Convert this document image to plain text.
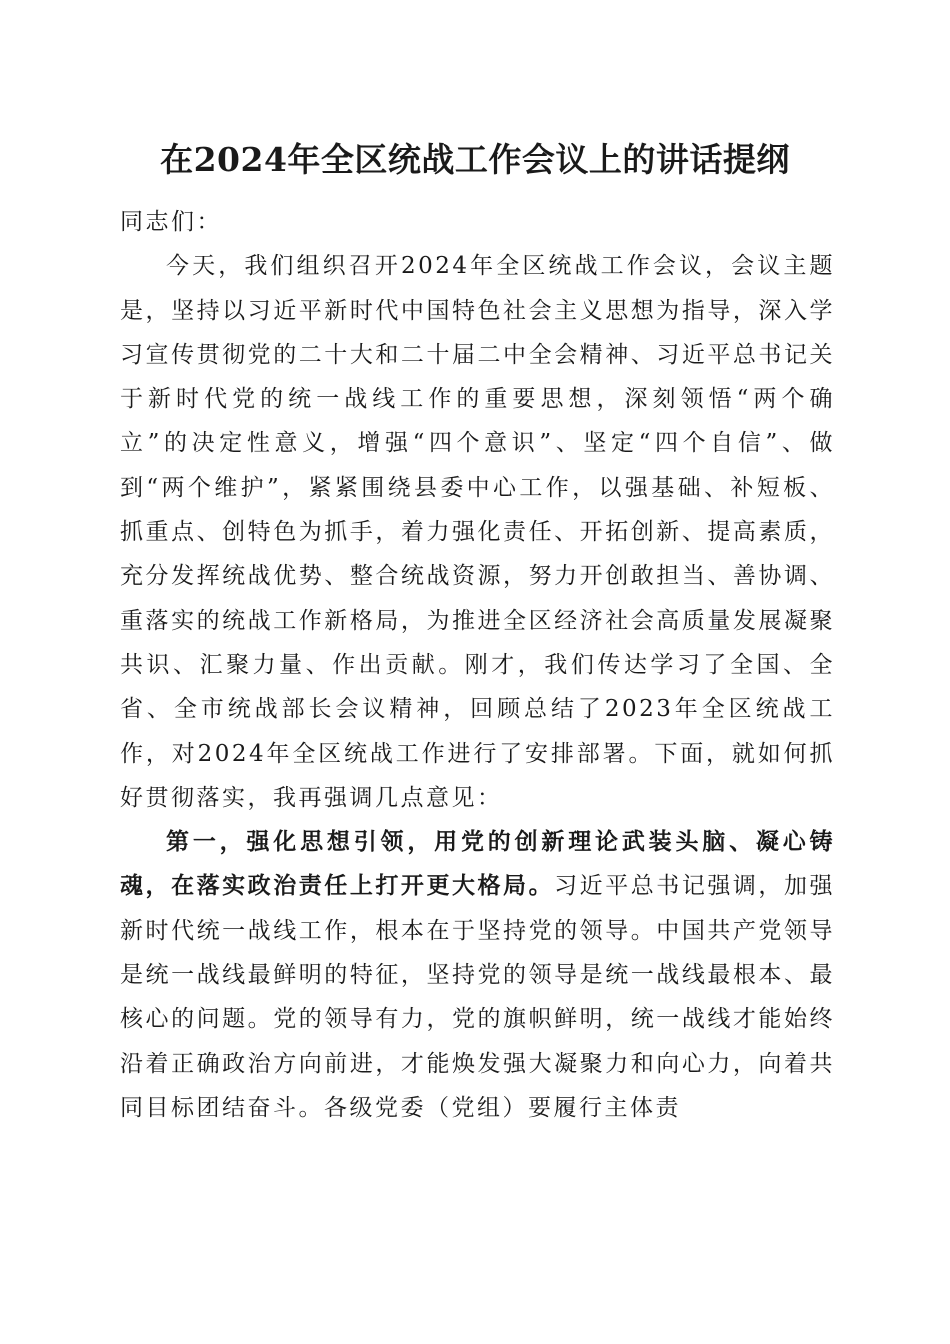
在2024年全区统战工作会议上的讲话提纲

同志们：

今天，我们组织召开2024年全区统战工作会议，会议主题是，坚持以习近平新时代中国特色社会主义思想为指导，深入学习宣传贯彻党的二十大和二十届二中全会精神、习近平总书记关于新时代党的统一战线工作的重要思想，深刻领悟“两个确立”的决定性意义，增强“四个意识”、坚定“四个自信”、做到“两个维护”，紧紧围绕县委中心工作，以强基础、补短板、抓重点、创特色为抓手，着力强化责任、开拓创新、提高素质，充分发挥统战优势、整合统战资源，努力开创敢担当、善协调、重落实的统战工作新格局，为推进全区经济社会高质量发展凝聚共识、汇聚力量、作出贡献。刚才，我们传达学习了全国、全省、全市统战部长会议精神，回顾总结了2023年全区统战工作，对2024年全区统战工作进行了安排部署。下面，就如何抓好贯彻落实，我再强调几点意见：

第一，强化思想引领，用党的创新理论武装头脑、凝心铸魂，在落实政治责任上打开更大格局。习近平总书记强调，加强新时代统一战线工作，根本在于坚持党的领导。中国共产党领导是统一战线最鲜明的特征，坚持党的领导是统一战线最根本、最核心的问题。党的领导有力，党的旗帜鲜明，统一战线才能始终沿着正确政治方向前进，才能焕发强大凝聚力和向心力，向着共同目标团结奋斗。各级党委（党组）要履行主体责
